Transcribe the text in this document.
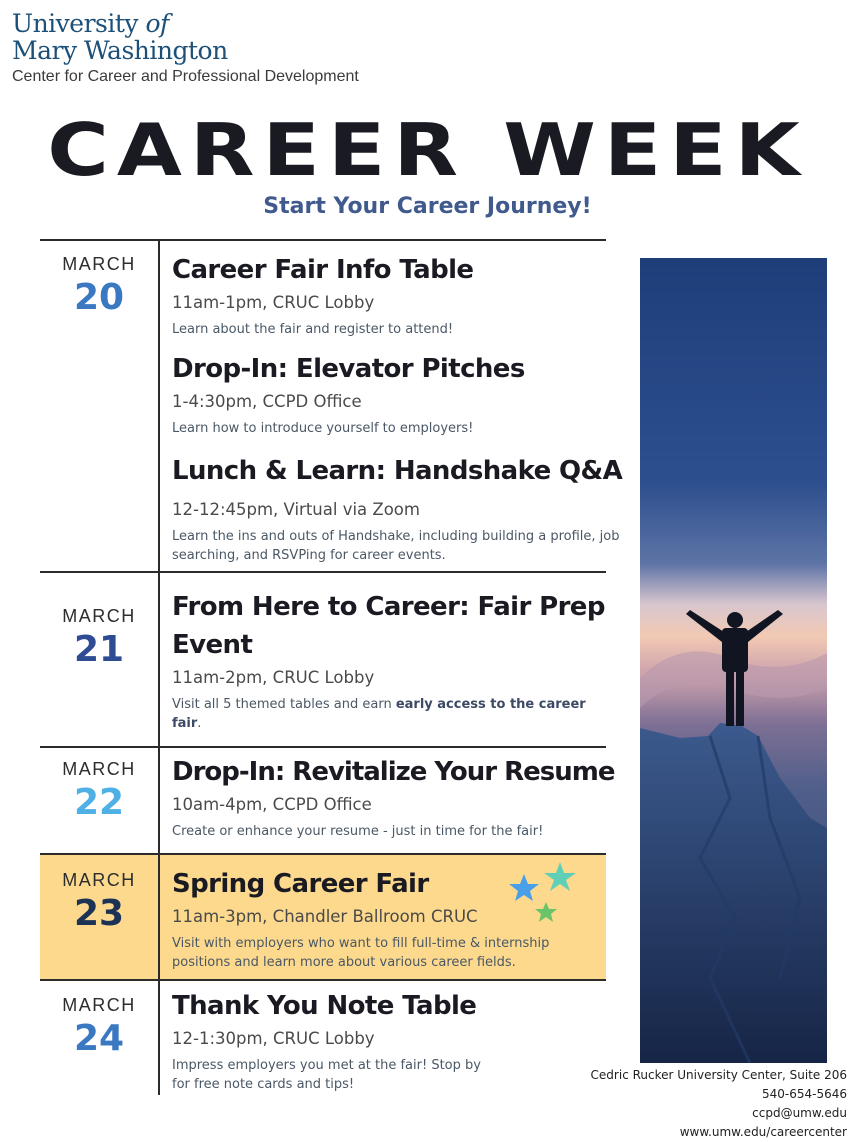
University of
Mary Washington
Center for Career and Professional Development
CAREER WEEK
Start Your Career Journey!
MARCH
20
Career Fair Info Table
11am-1pm, CRUC Lobby
Learn about the fair and register to attend!
Drop-In: Elevator Pitches
1-4:30pm, CCPD Office
Learn how to introduce yourself to employers!
Lunch & Learn: Handshake Q&A
12-12:45pm, Virtual via Zoom
Learn the ins and outs of Handshake, including building a profile, job searching, and RSVPing for career events.
MARCH
21
From Here to Career: Fair Prep Event
11am-2pm, CRUC Lobby
Visit all 5 themed tables and earn early access to the career fair.
MARCH
22
Drop-In: Revitalize Your Resume
10am-4pm, CCPD Office
Create or enhance your resume - just in time for the fair!
MARCH
23
Spring Career Fair
11am-3pm, Chandler Ballroom CRUC
Visit with employers who want to fill full-time & internship positions and learn more about various career fields.
MARCH
24
Thank You Note Table
12-1:30pm, CRUC Lobby
Impress employers you met at the fair! Stop by for free note cards and tips!
Cedric Rucker University Center, Suite 206
540-654-5646
ccpd@umw.edu
www.umw.edu/careercenter
